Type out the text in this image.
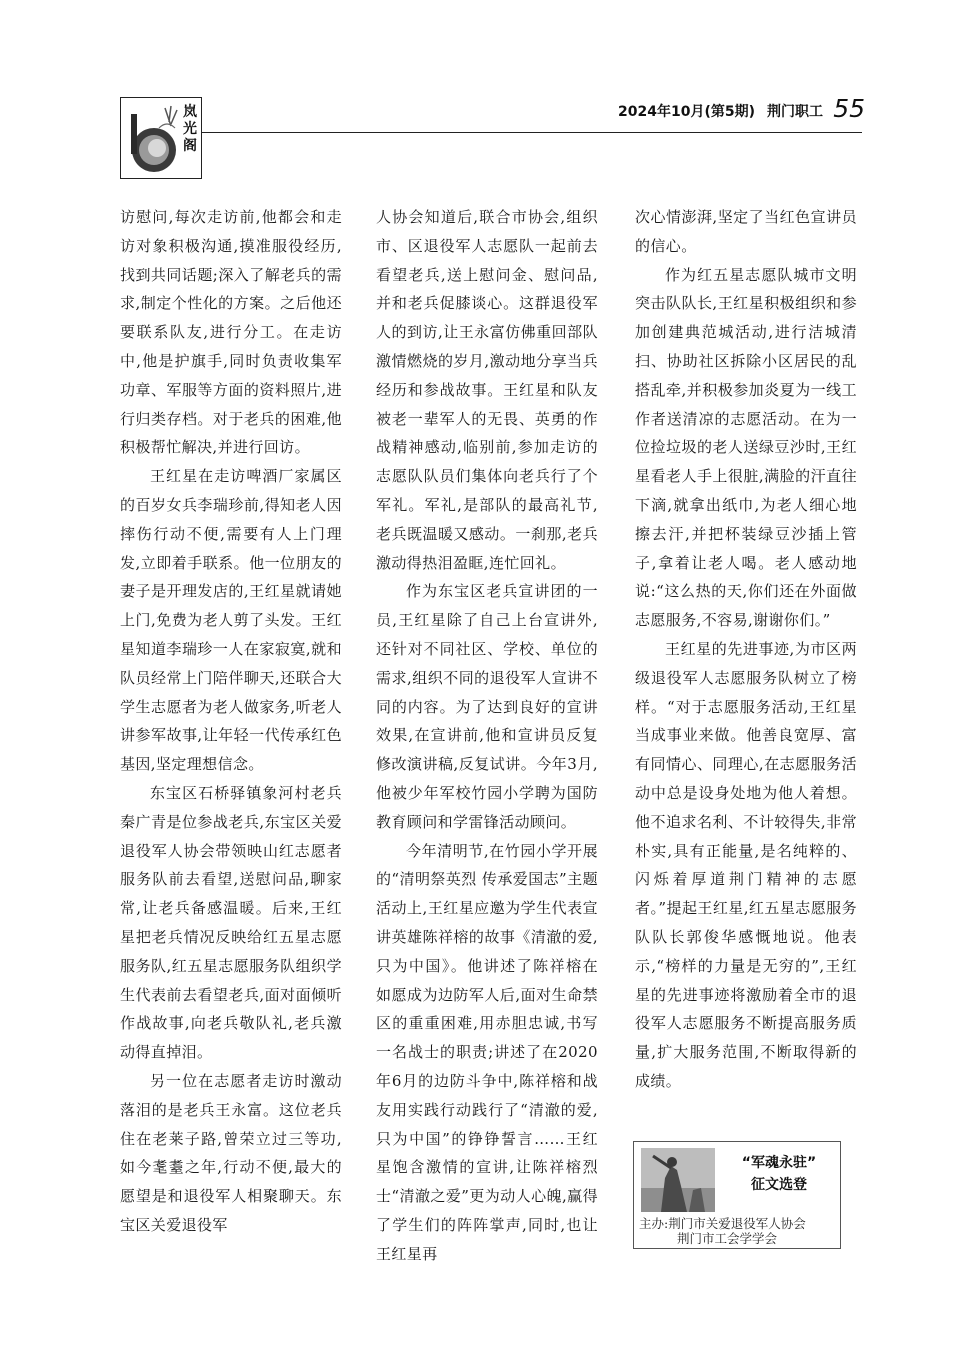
岚
光
阁
2024年10月(第5期) 荆门职工 55

访慰问,每次走访前,他都会和走访对象积极沟通,摸准服役经历,找到共同话题;深入了解老兵的需求,制定个性化的方案。之后他还要联系队友,进行分工。在走访中,他是护旗手,同时负责收集军功章、军服等方面的资料照片,进行归类存档。对于老兵的困难,他积极帮忙解决,并进行回访。

王红星在走访啤酒厂家属区的百岁女兵李瑞珍前,得知老人因摔伤行动不便,需要有人上门理发,立即着手联系。他一位朋友的妻子是开理发店的,王红星就请她上门,免费为老人剪了头发。王红星知道李瑞珍一人在家寂寞,就和队员经常上门陪伴聊天,还联合大学生志愿者为老人做家务,听老人讲参军故事,让年轻一代传承红色基因,坚定理想信念。

东宝区石桥驿镇象河村老兵秦广青是位参战老兵,东宝区关爱退役军人协会带领映山红志愿者服务队前去看望,送慰问品,聊家常,让老兵备感温暖。后来,王红星把老兵情况反映给红五星志愿服务队,红五星志愿服务队组织学生代表前去看望老兵,面对面倾听作战故事,向老兵敬队礼,老兵激动得直掉泪。

另一位在志愿者走访时激动落泪的是老兵王永富。这位老兵住在老莱子路,曾荣立过三等功,如今耄耋之年,行动不便,最大的愿望是和退役军人相聚聊天。东宝区关爱退役军

人协会知道后,联合市协会,组织市、区退役军人志愿队一起前去看望老兵,送上慰问金、慰问品,并和老兵促膝谈心。这群退役军人的到访,让王永富仿佛重回部队激情燃烧的岁月,激动地分享当兵经历和参战故事。王红星和队友被老一辈军人的无畏、英勇的作战精神感动,临别前,参加走访的志愿队队员们集体向老兵行了个军礼。军礼,是部队的最高礼节,老兵既温暖又感动。一刹那,老兵激动得热泪盈眶,连忙回礼。

作为东宝区老兵宣讲团的一员,王红星除了自己上台宣讲外,还针对不同社区、学校、单位的需求,组织不同的退役军人宣讲不同的内容。为了达到良好的宣讲效果,在宣讲前,他和宣讲员反复修改演讲稿,反复试讲。今年3月,他被少年军校竹园小学聘为国防教育顾问和学雷锋活动顾问。

今年清明节,在竹园小学开展的“清明祭英烈 传承爱国志”主题活动上,王红星应邀为学生代表宣讲英雄陈祥榕的故事《清澈的爱,只为中国》。他讲述了陈祥榕在如愿成为边防军人后,面对生命禁区的重重困难,用赤胆忠诚,书写一名战士的职责;讲述了在2020年6月的边防斗争中,陈祥榕和战友用实践行动践行了“清澈的爱,只为中国”的铮铮誓言……王红星饱含激情的宣讲,让陈祥榕烈士“清澈之爱”更为动人心魄,赢得了学生们的阵阵掌声,同时,也让王红星再

次心情澎湃,坚定了当红色宣讲员的信心。

作为红五星志愿队城市文明突击队队长,王红星积极组织和参加创建典范城活动,进行洁城清扫、协助社区拆除小区居民的乱搭乱牵,并积极参加炎夏为一线工作者送清凉的志愿活动。在为一位捡垃圾的老人送绿豆沙时,王红星看老人手上很脏,满脸的汗直往下滴,就拿出纸巾,为老人细心地擦去汗,并把杯装绿豆沙插上管子,拿着让老人喝。老人感动地说:“这么热的天,你们还在外面做志愿服务,不容易,谢谢你们。”

王红星的先进事迹,为市区两级退役军人志愿服务队树立了榜样。“对于志愿服务活动,王红星当成事业来做。他善良宽厚、富有同情心、同理心,在志愿服务活动中总是设身处地为他人着想。他不追求名利、不计较得失,非常朴实,具有正能量,是名纯粹的、闪烁着厚道荆门精神的志愿者。”提起王红星,红五星志愿服务队队长郭俊华感慨地说。他表示,“榜样的力量是无穷的”,王红星的先进事迹将激励着全市的退役军人志愿服务不断提高服务质量,扩大服务范围,不断取得新的成绩。

“军魂永驻”
征文选登
主办:荆门市关爱退役军人协会
荆门市工会学学会
